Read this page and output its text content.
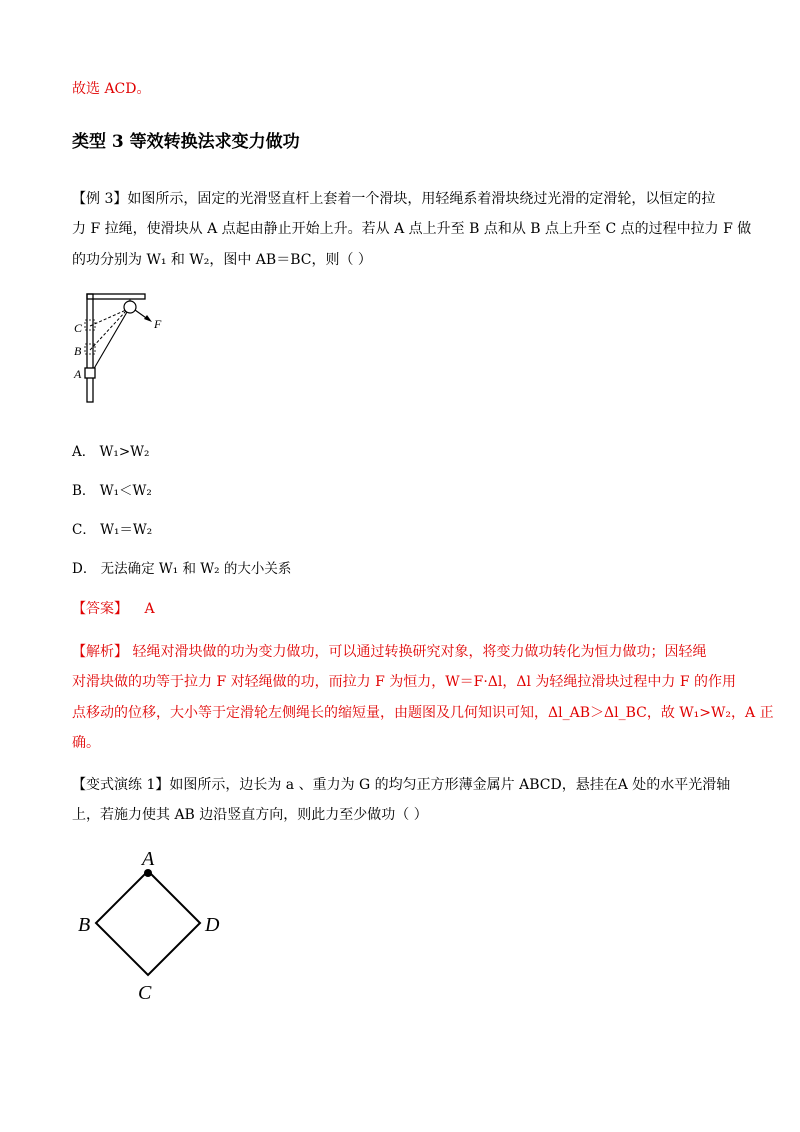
故选 ACD。
类型 3 等效转换法求变力做功
【例 3】如图所示，固定的光滑竖直杆上套着一个滑块，用轻绳系着滑块绕过光滑的定滑轮，以恒定的拉
力 F 拉绳，使滑块从 A 点起由静止开始上升。若从 A 点上升至 B 点和从 B 点上升至 C 点的过程中拉力 F 做
的功分别为 W₁ 和 W₂，图中 AB＝BC，则（ ）
C
B
A
F
A． W₁>W₂
B． W₁＜W₂
C． W₁＝W₂
D． 无法确定 W₁ 和 W₂ 的大小关系
【答案】 A
【解析】 轻绳对滑块做的功为变力做功，可以通过转换研究对象，将变力做功转化为恒力做功；因轻绳
对滑块做的功等于拉力 F 对轻绳做的功，而拉力 F 为恒力，W＝F·Δl，Δl 为轻绳拉滑块过程中力 F 的作用
点移动的位移，大小等于定滑轮左侧绳长的缩短量，由题图及几何知识可知，Δl_AB＞Δl_BC，故 W₁>W₂，A 正
确。
【变式演练 1】如图所示，边长为 a 、重力为 G 的均匀正方形薄金属片 ABCD，悬挂在A 处的水平光滑轴
上，若施力使其 AB 边沿竖直方向，则此力至少做功（ ）
A
B	D
C
